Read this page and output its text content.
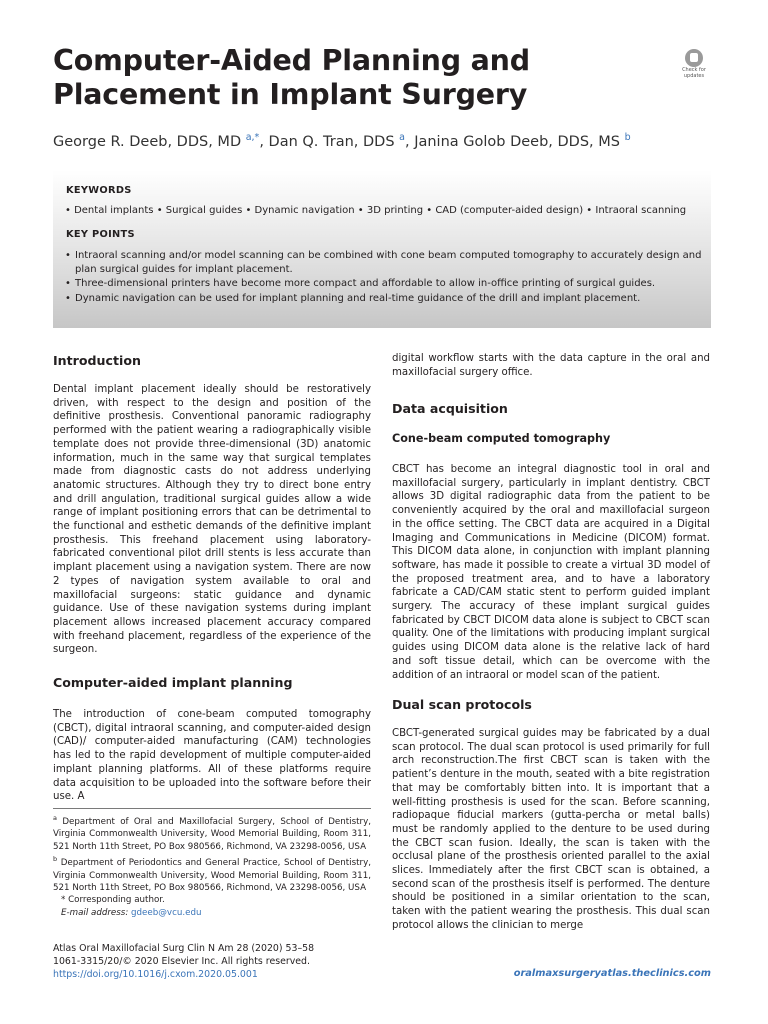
Computer-Aided Planning and Placement in Implant Surgery
Check for updates
George R. Deeb, DDS, MD $^{a,*}$, Dan Q. Tran, DDS $^a$, Janina Golob Deeb, DDS, MS $^b$
KEYWORDS
• Dental implants • Surgical guides • Dynamic navigation • 3D printing • CAD (computer-aided design) • Intraoral scanning
KEY POINTS
• Intraoral scanning and/or model scanning can be combined with cone beam computed tomography to accurately design and plan surgical guides for implant placement.
• Three-dimensional printers have become more compact and affordable to allow in-office printing of surgical guides.
• Dynamic navigation can be used for implant planning and real-time guidance of the drill and implant placement.
Introduction

Dental implant placement ideally should be restoratively driven, with respect to the design and position of the definitive prosthesis. Conventional panoramic radiography performed with the patient wearing a radiographically visible template does not provide three-dimensional (3D) anatomic information, much in the same way that surgical templates made from diagnostic casts do not address underlying anatomic structures. Although they try to direct bone entry and drill angulation, traditional surgical guides allow a wide range of implant positioning errors that can be detrimental to the functional and esthetic demands of the definitive implant prosthesis. This freehand placement using laboratory-fabricated conventional pilot drill stents is less accurate than implant placement using a navigation system. There are now 2 types of navigation system available to oral and maxillofacial surgeons: static guidance and dynamic guidance. Use of these navigation systems during implant placement allows increased placement accuracy compared with freehand placement, regardless of the experience of the surgeon.

Computer-aided implant planning

The introduction of cone-beam computed tomography (CBCT), digital intraoral scanning, and computer-aided design (CAD)/ computer-aided manufacturing (CAM) technologies has led to the rapid development of multiple computer-aided implant planning platforms. All of these platforms require data acquisition to be uploaded into the software before their use. A

$^a$ Department of Oral and Maxillofacial Surgery, School of Dentistry, Virginia Commonwealth University, Wood Memorial Building, Room 311, 521 North 11th Street, PO Box 980566, Richmond, VA 23298-0056, USA

$^b$ Department of Periodontics and General Practice, School of Dentistry, Virginia Commonwealth University, Wood Memorial Building, Room 311, 521 North 11th Street, PO Box 980566, Richmond, VA 23298-0056, USA

* Corresponding author.

E-mail address: gdeeb@vcu.edu

Atlas Oral Maxillofacial Surg Clin N Am 28 (2020) 53–58
1061-3315/20/© 2020 Elsevier Inc. All rights reserved.
https://doi.org/10.1016/j.cxom.2020.05.001	oralmaxsurgeryatlas.theclinics.com

digital workflow starts with the data capture in the oral and maxillofacial surgery office.

Data acquisition
Cone-beam computed tomography

CBCT has become an integral diagnostic tool in oral and maxillofacial surgery, particularly in implant dentistry. CBCT allows 3D digital radiographic data from the patient to be conveniently acquired by the oral and maxillofacial surgeon in the office setting. The CBCT data are acquired in a Digital Imaging and Communications in Medicine (DICOM) format. This DICOM data alone, in conjunction with implant planning software, has made it possible to create a virtual 3D model of the proposed treatment area, and to have a laboratory fabricate a CAD/CAM static stent to perform guided implant surgery. The accuracy of these implant surgical guides fabricated by CBCT DICOM data alone is subject to CBCT scan quality. One of the limitations with producing implant surgical guides using DICOM data alone is the relative lack of hard and soft tissue detail, which can be overcome with the addition of an intraoral or model scan of the patient.

Dual scan protocols

CBCT-generated surgical guides may be fabricated by a dual scan protocol. The dual scan protocol is used primarily for full arch reconstruction.The first CBCT scan is taken with the patient’s denture in the mouth, seated with a bite registration that may be comfortably bitten into. It is important that a well-fitting prosthesis is used for the scan. Before scanning, radiopaque fiducial markers (gutta-percha or metal balls) must be randomly applied to the denture to be used during the CBCT scan fusion. Ideally, the scan is taken with the occlusal plane of the prosthesis oriented parallel to the axial slices. Immediately after the first CBCT scan is obtained, a second scan of the prosthesis itself is performed. The denture should be positioned in a similar orientation to the scan, taken with the patient wearing the prosthesis. This dual scan protocol allows the clinician to merge
